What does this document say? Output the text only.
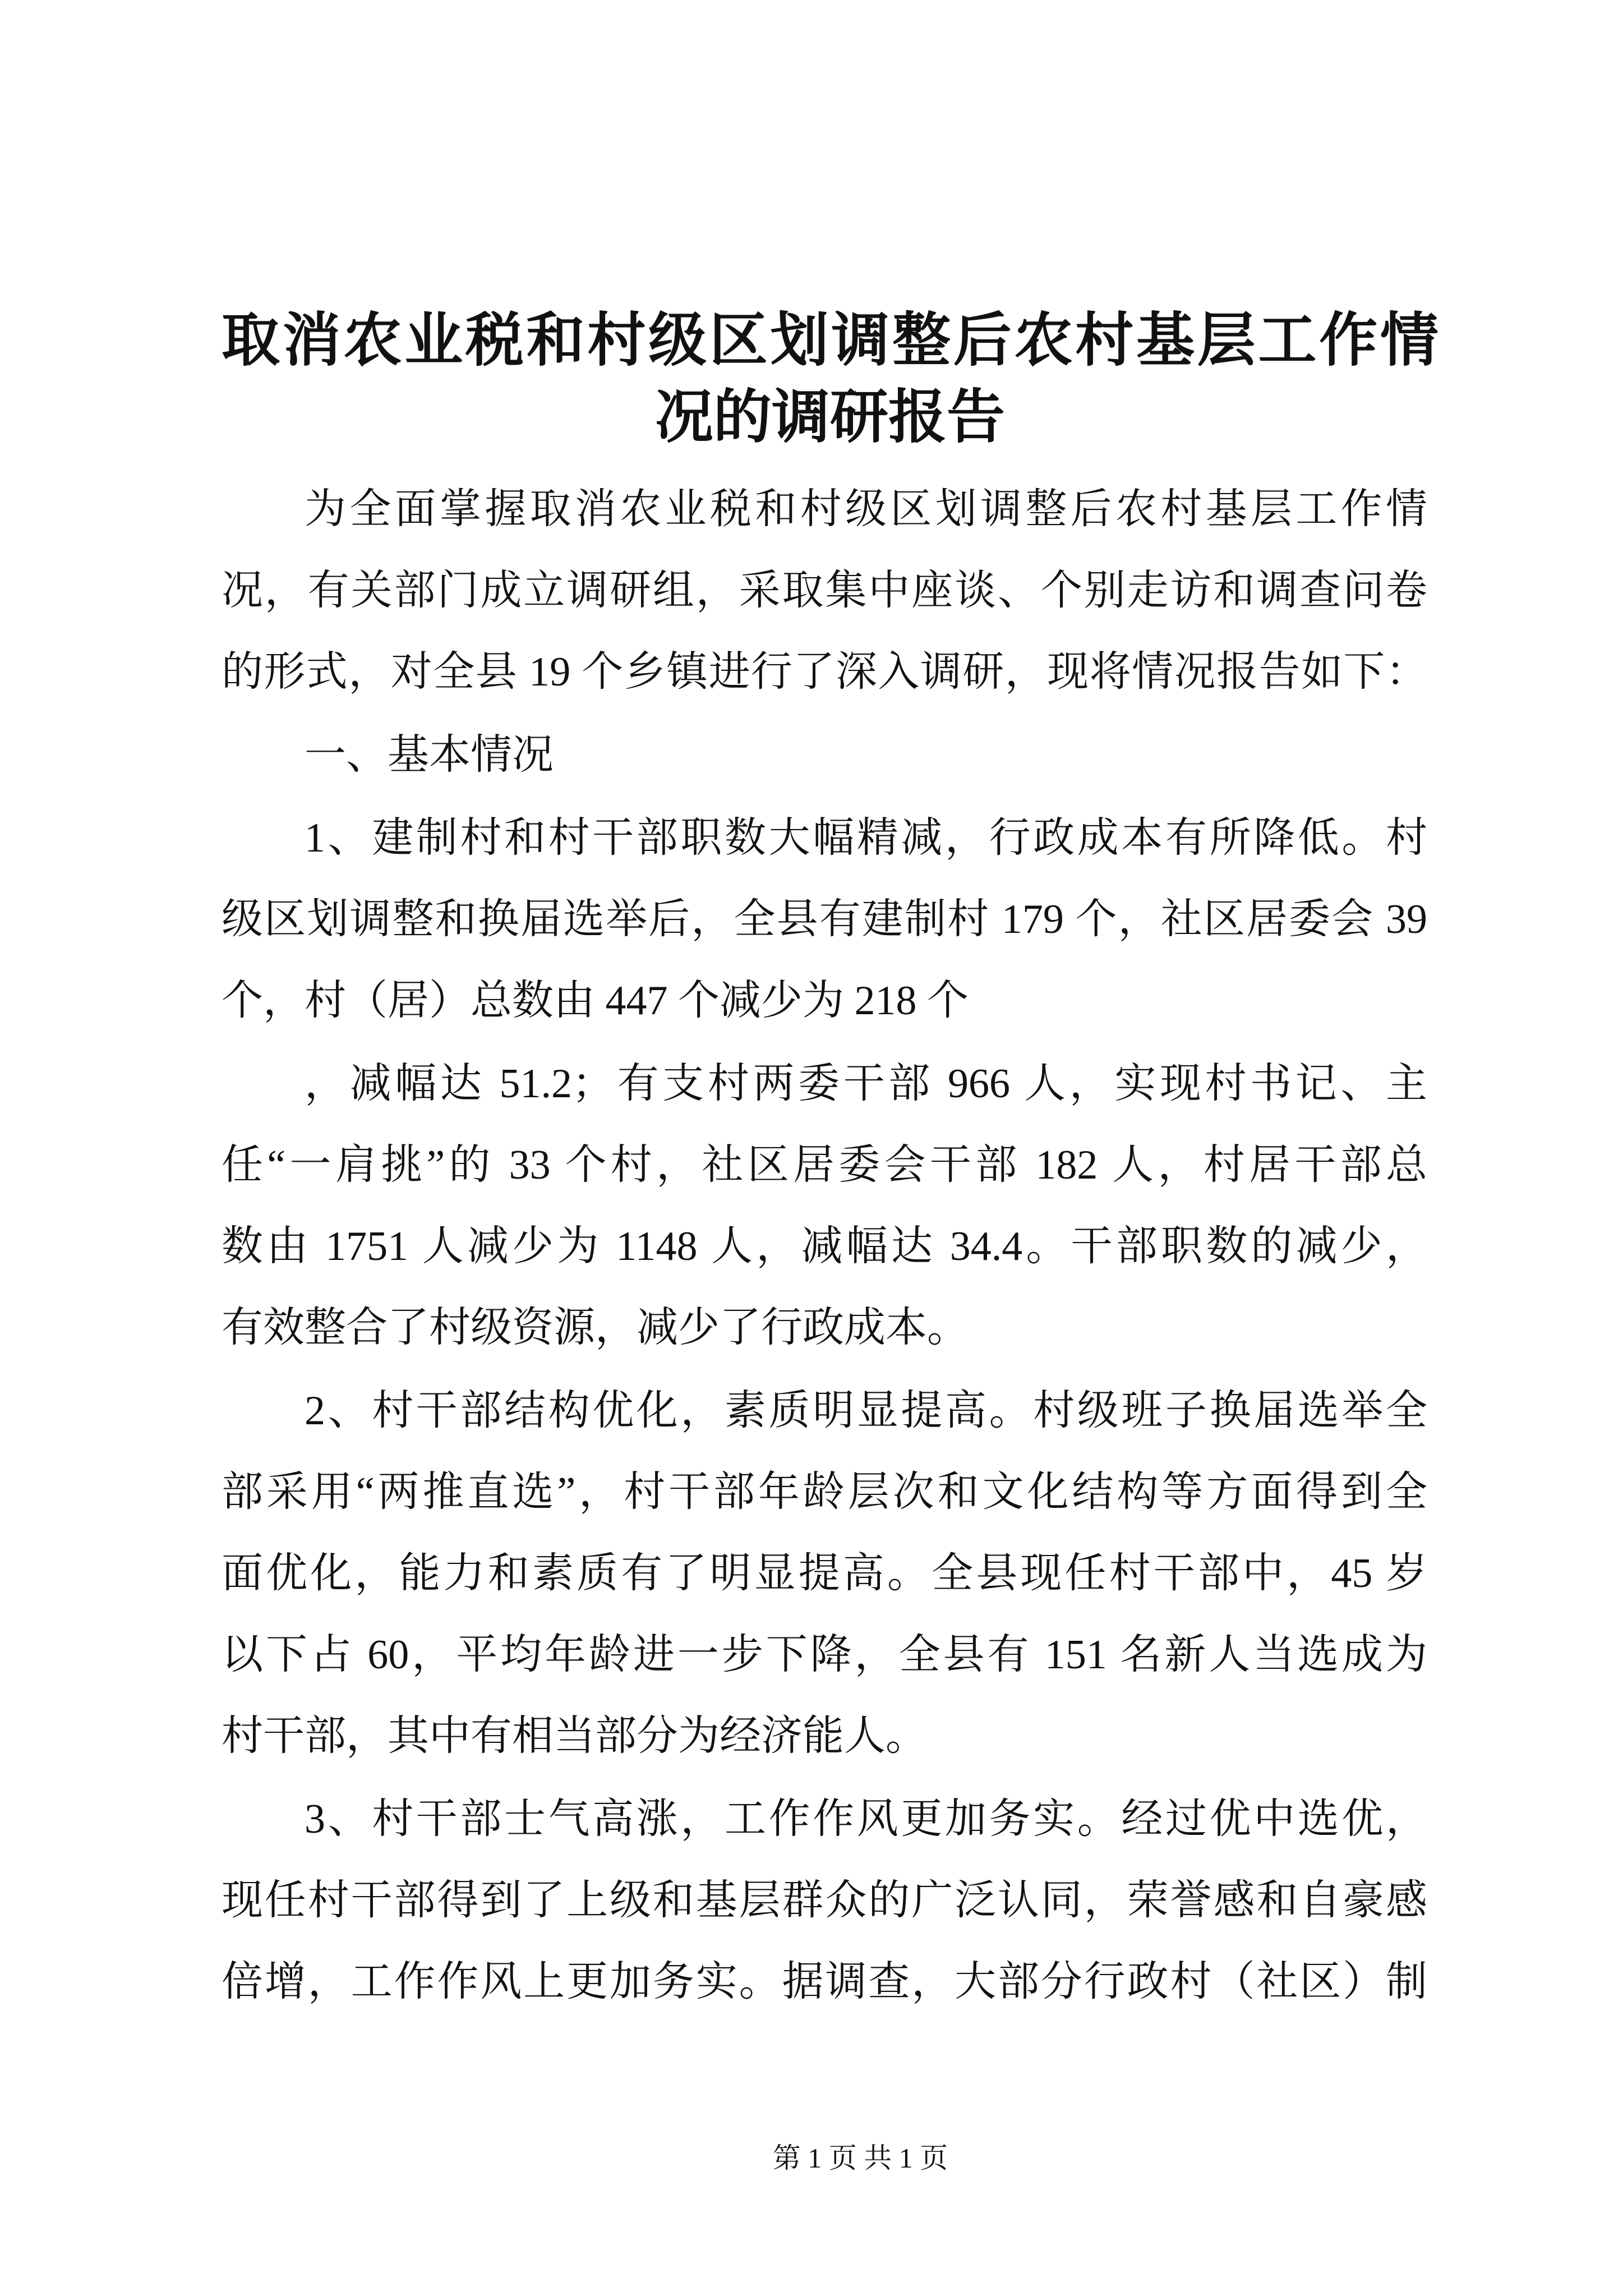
取消农业税和村级区划调整后农村基层工作情
况的调研报告
为全面掌握取消农业税和村级区划调整后农村基层工作情
况，有关部门成立调研组，采取集中座谈、个别走访和调查问卷
的形式，对全县 19 个乡镇进行了深入调研，现将情况报告如下：
一、基本情况
1、建制村和村干部职数大幅精减，行政成本有所降低。村
级区划调整和换届选举后，全县有建制村 179 个，社区居委会 39
个，村（居）总数由 447 个减少为 218 个
，减幅达 51.2；有支村两委干部 966 人，实现村书记、主
任“一肩挑”的 33 个村，社区居委会干部 182 人，村居干部总
数由 1751 人减少为 1148 人，减幅达 34.4。干部职数的减少，
有效整合了村级资源，减少了行政成本。
2、村干部结构优化，素质明显提高。村级班子换届选举全
部采用“两推直选”，村干部年龄层次和文化结构等方面得到全
面优化，能力和素质有了明显提高。全县现任村干部中，45 岁
以下占 60，平均年龄进一步下降，全县有 151 名新人当选成为
村干部，其中有相当部分为经济能人。
3、村干部士气高涨，工作作风更加务实。经过优中选优，
现任村干部得到了上级和基层群众的广泛认同，荣誉感和自豪感
倍增，工作作风上更加务实。据调查，大部分行政村（社区）制
第 1 页 共 1 页
